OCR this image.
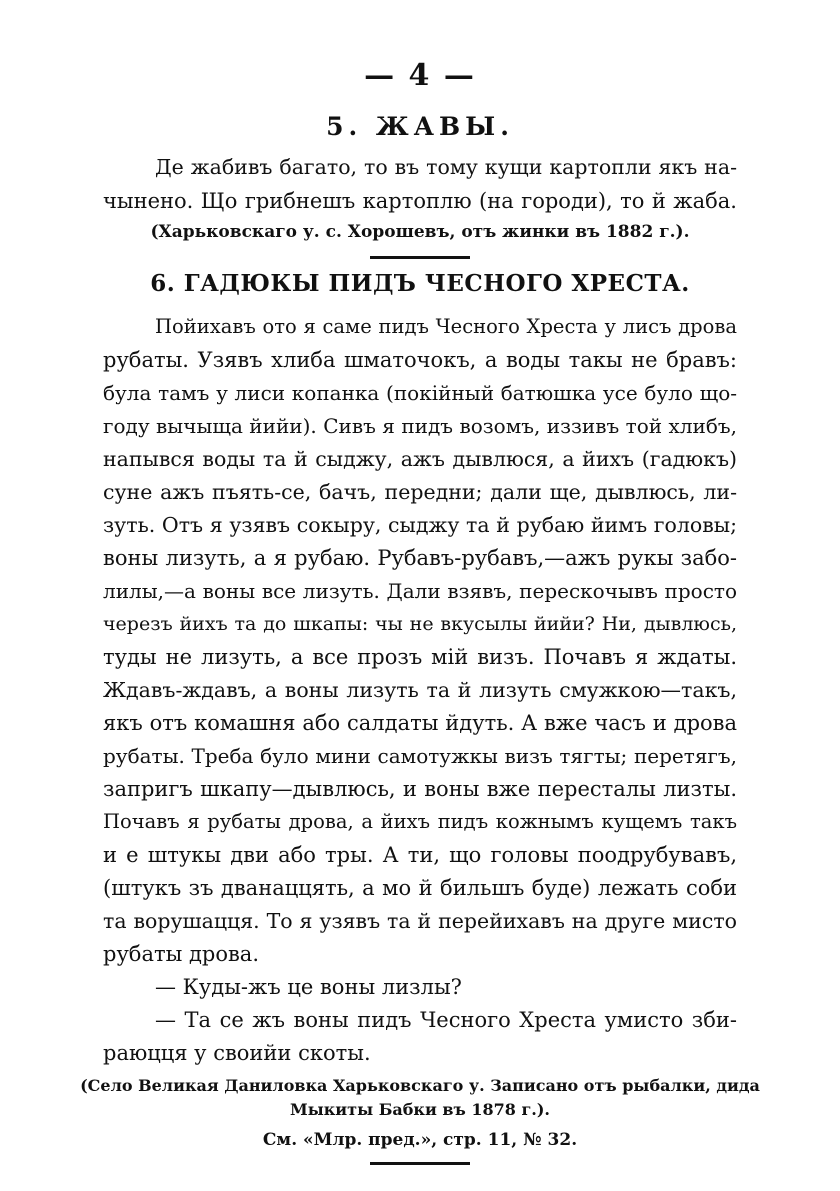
— 4 —
5. ЖАВЫ.
Де жабивъ багато, то въ тому кущи картопли якъ на-
чынено. Що грибнешъ картоплю (на городи), то й жаба.
(Харьковскаго у. с. Хорошевъ, отъ жинки въ 1882 г.).
6. ГАДЮКЫ ПИДЪ ЧЕСНОГО ХРЕСТА.
Пойихавъ ото я саме пидъ Чесного Хреста у лисъ дрова
рубаты. Узявъ хлиба шматочокъ, а воды такы не бравъ:
була тамъ у лиси копанка (покійный батюшка усе було що-
году вычыща йийи). Сивъ я пидъ возомъ, иззивъ той хлибъ,
напывся воды та й сыджу, ажъ дывлюся, а йихъ (гадюкъ)
суне ажъ пъять-се, бачъ, передни; дали ще, дывлюсь, ли-
зуть. Отъ я узявъ сокыру, сыджу та й рубаю йимъ головы;
воны лизуть, а я рубаю. Рубавъ-рубавъ,—ажъ рукы забо-
лилы,—а воны все лизуть. Дали взявъ, перескочывъ просто
черезъ йихъ та до шкапы: чы не вкусылы йийи? Ни, дывлюсь,
туды не лизуть, а все прозъ мій визъ. Почавъ я ждаты.
Ждавъ-ждавъ, а воны лизуть та й лизуть смужкою—такъ,
якъ отъ комашня або салдаты йдуть. А вже часъ и дрова
рубаты. Треба було мини самотужкы визъ тягты; перетягъ,
запригъ шкапу—дывлюсь, и воны вже перестaлы лизты.
Почавъ я рубаты дрова, а йихъ пидъ кожнымъ кущемъ такъ
и е штукы дви або тры. А ти, що головы поодрубувавъ,
(штукъ зъ дванаццять, а мо й бильшъ буде) лежать соби
та ворушацця. То я узявъ та й перейихавъ на друге мисто
рубаты дрова.
— Куды-жъ це воны лизлы?
— Та се жъ воны пидъ Чесного Хреста умисто зби-
раюцця у своийи скоты.
(Село Великая Даниловка Харьковскаго у. Записано отъ рыбалки, дида
Мыкиты Бабки въ 1878 г.).
См. «Млр. пред.», стр. 11, № 32.
